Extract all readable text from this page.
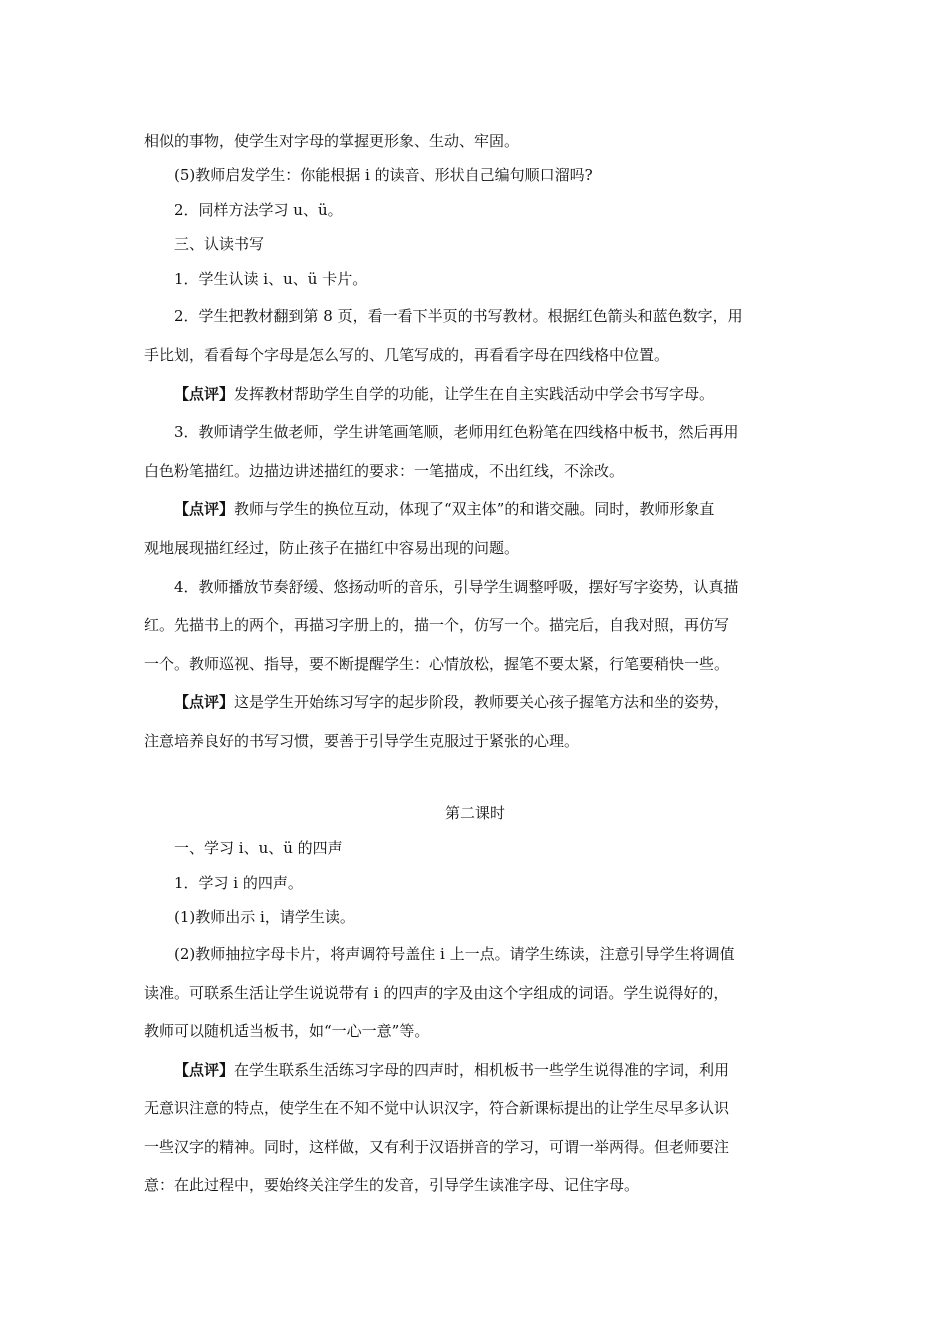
相似的事物，使学生对字母的掌握更形象、生动、牢固。
(5)教师启发学生：你能根据 i 的读音、形状自己编句顺口溜吗?
2．同样方法学习 u、ü。
三、认读书写
1．学生认读 i、u、ü 卡片。
2．学生把教材翻到第 8 页，看一看下半页的书写教材。根据红色箭头和蓝色数字，用
手比划，看看每个字母是怎么写的、几笔写成的，再看看字母在四线格中位置。
【点评】发挥教材帮助学生自学的功能，让学生在自主实践活动中学会书写字母。
3．教师请学生做老师，学生讲笔画笔顺，老师用红色粉笔在四线格中板书，然后再用
白色粉笔描红。边描边讲述描红的要求：一笔描成，不出红线，不涂改。
【点评】教师与学生的换位互动，体现了“双主体”的和谐交融。同时，教师形象直
观地展现描红经过，防止孩子在描红中容易出现的问题。
4．教师播放节奏舒缓、悠扬动听的音乐，引导学生调整呼吸，摆好写字姿势，认真描
红。先描书上的两个，再描习字册上的，描一个，仿写一个。描完后，自我对照，再仿写
一个。教师巡视、指导，要不断提醒学生：心情放松，握笔不要太紧，行笔要稍快一些。
【点评】这是学生开始练习写字的起步阶段，教师要关心孩子握笔方法和坐的姿势，
注意培养良好的书写习惯，要善于引导学生克服过于紧张的心理。
第二课时
一、学习 i、u、ü 的四声
1．学习 i 的四声。
(1)教师出示 i，请学生读。
(2)教师抽拉字母卡片，将声调符号盖住 i 上一点。请学生练读，注意引导学生将调值
读准。可联系生活让学生说说带有 i 的四声的字及由这个字组成的词语。学生说得好的，
教师可以随机适当板书，如“一心一意”等。
【点评】在学生联系生活练习字母的四声时，相机板书一些学生说得准的字词，利用
无意识注意的特点，使学生在不知不觉中认识汉字，符合新课标提出的让学生尽早多认识
一些汉字的精神。同时，这样做，又有利于汉语拼音的学习，可谓一举两得。但老师要注
意：在此过程中，要始终关注学生的发音，引导学生读准字母、记住字母。
